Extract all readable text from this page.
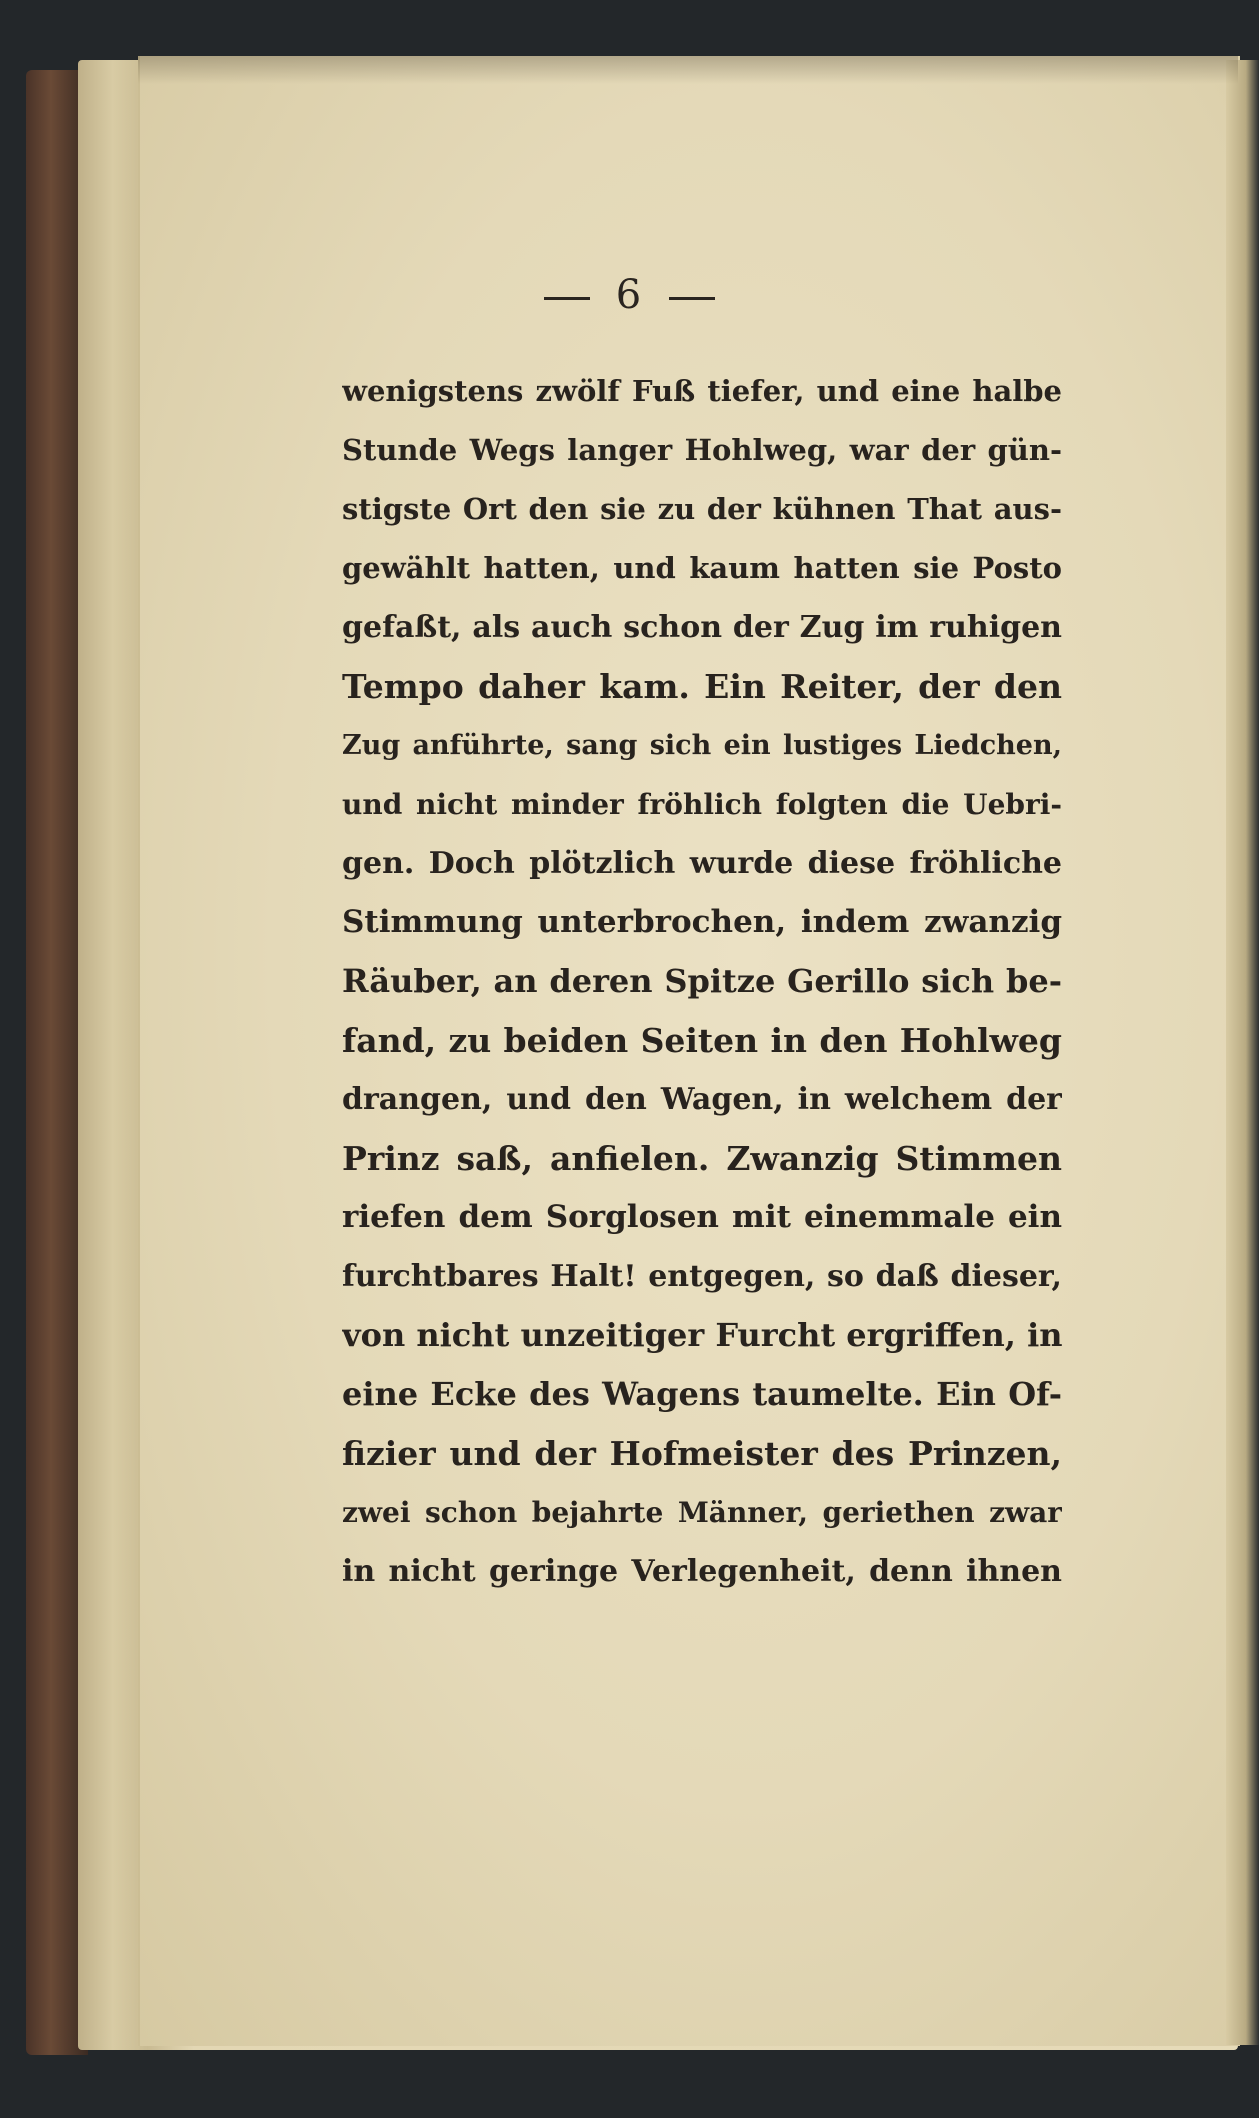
6
wenigstens zwölf Fuß tiefer, und eine halbe
Stunde Wegs langer Hohlweg, war der gün-
stigste Ort den sie zu der kühnen That aus-
gewählt hatten, und kaum hatten sie Posto
gefaßt, als auch schon der Zug im ruhigen
Tempo daher kam. Ein Reiter, der den
Zug anführte, sang sich ein lustiges Liedchen,
und nicht minder fröhlich folgten die Uebri-
gen. Doch plötzlich wurde diese fröhliche
Stimmung unterbrochen, indem zwanzig
Räuber, an deren Spitze Gerillo sich be-
fand, zu beiden Seiten in den Hohlweg
drangen, und den Wagen, in welchem der
Prinz saß, anfielen. Zwanzig Stimmen
riefen dem Sorglosen mit einemmale ein
furchtbares Halt! entgegen, so daß dieser,
von nicht unzeitiger Furcht ergriffen, in
eine Ecke des Wagens taumelte. Ein Of-
fizier und der Hofmeister des Prinzen,
zwei schon bejahrte Männer, geriethen zwar
in nicht geringe Verlegenheit, denn ihnen
